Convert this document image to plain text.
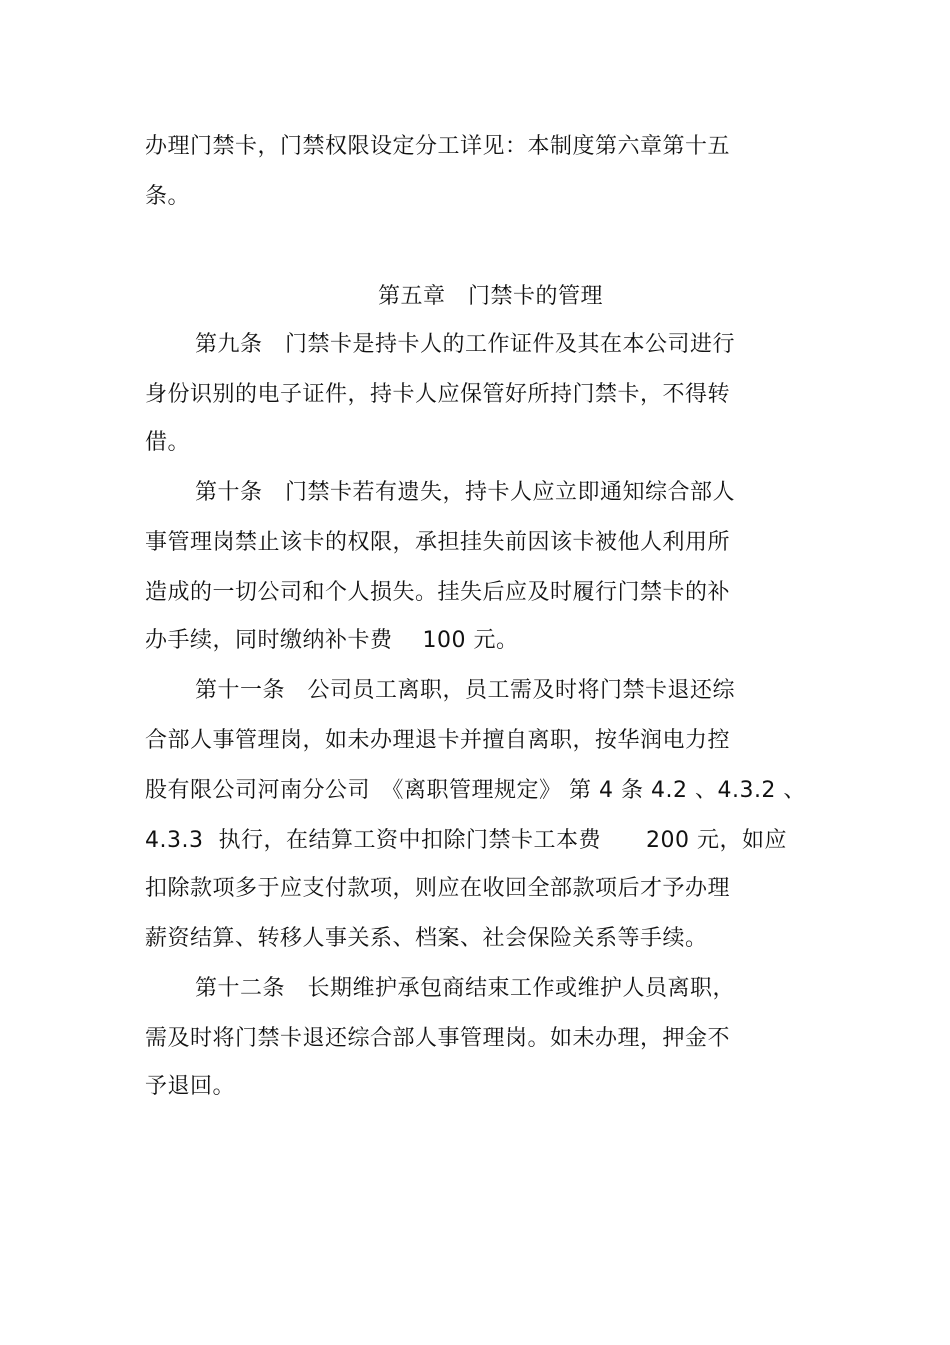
办理门禁卡，门禁权限设定分工详见：本制度第六章第十五
条。
第五章　门禁卡的管理
第九条　门禁卡是持卡人的工作证件及其在本公司进行
身份识别的电子证件，持卡人应保管好所持门禁卡，不得转
借。
第十条　门禁卡若有遗失，持卡人应立即通知综合部人
事管理岗禁止该卡的权限，承担挂失前因该卡被他人利用所
造成的一切公司和个人损失。挂失后应及时履行门禁卡的补
办手续，同时缴纳补卡费　 100 元。
第十一条　公司员工离职，员工需及时将门禁卡退还综
合部人事管理岗，如未办理退卡并擅自离职，按华润电力控
股有限公司河南分公司　《离职管理规定》 第 4 条 4.2 、4.3.2 、
4.3.3  执行，在结算工资中扣除门禁卡工本费　　200 元，如应
扣除款项多于应支付款项，则应在收回全部款项后才予办理
薪资结算、转移人事关系、档案、社会保险关系等手续。
第十二条　长期维护承包商结束工作或维护人员离职，
需及时将门禁卡退还综合部人事管理岗。如未办理，押金不
予退回。
